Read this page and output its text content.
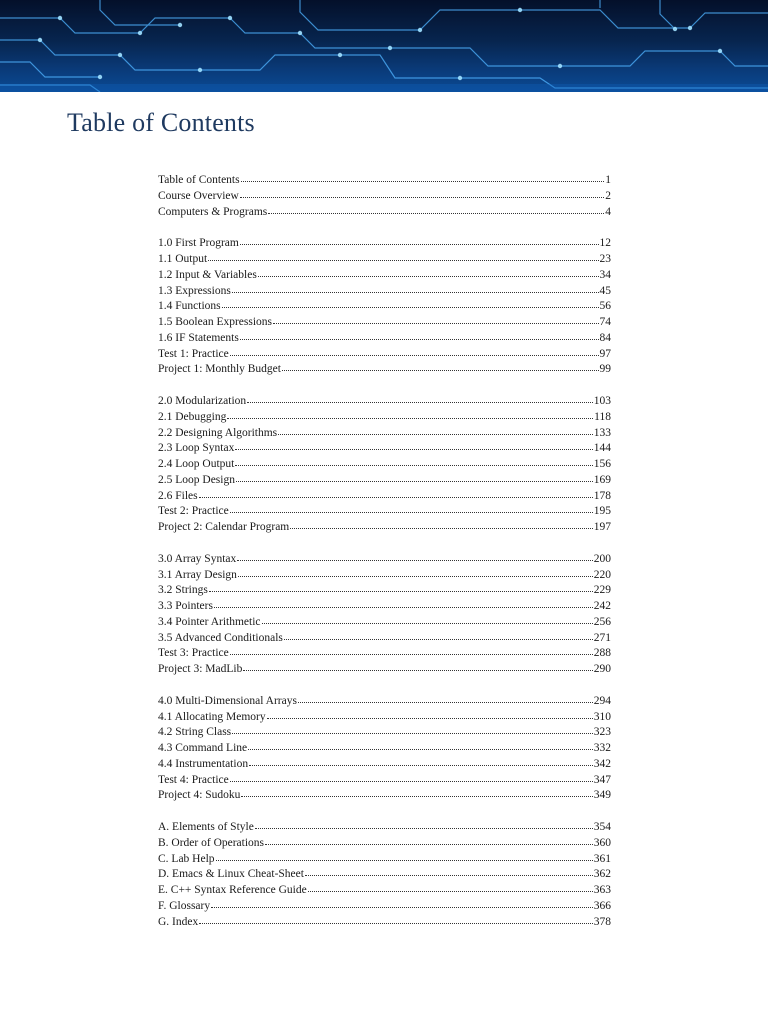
Table of Contents
Table of Contents	1
Course Overview	2
Computers & Programs	4
1.0 First Program	12
1.1 Output	23
1.2 Input & Variables	34
1.3 Expressions	45
1.4 Functions	56
1.5 Boolean Expressions	74
1.6 IF Statements	84
Test 1: Practice	97
Project 1: Monthly Budget	99
2.0 Modularization	103
2.1 Debugging	118
2.2 Designing Algorithms	133
2.3 Loop Syntax	144
2.4 Loop Output	156
2.5 Loop Design	169
2.6 Files	178
Test 2: Practice	195
Project 2: Calendar Program	197
3.0 Array Syntax	200
3.1 Array Design	220
3.2 Strings	229
3.3 Pointers	242
3.4 Pointer Arithmetic	256
3.5 Advanced Conditionals	271
Test 3: Practice	288
Project 3: MadLib	290
4.0 Multi-Dimensional Arrays	294
4.1 Allocating Memory	310
4.2 String Class	323
4.3 Command Line	332
4.4 Instrumentation	342
Test 4: Practice	347
Project 4: Sudoku	349
A. Elements of Style	354
B. Order of Operations	360
C. Lab Help	361
D. Emacs & Linux Cheat-Sheet	362
E. C++ Syntax Reference Guide	363
F. Glossary	366
G. Index	378
